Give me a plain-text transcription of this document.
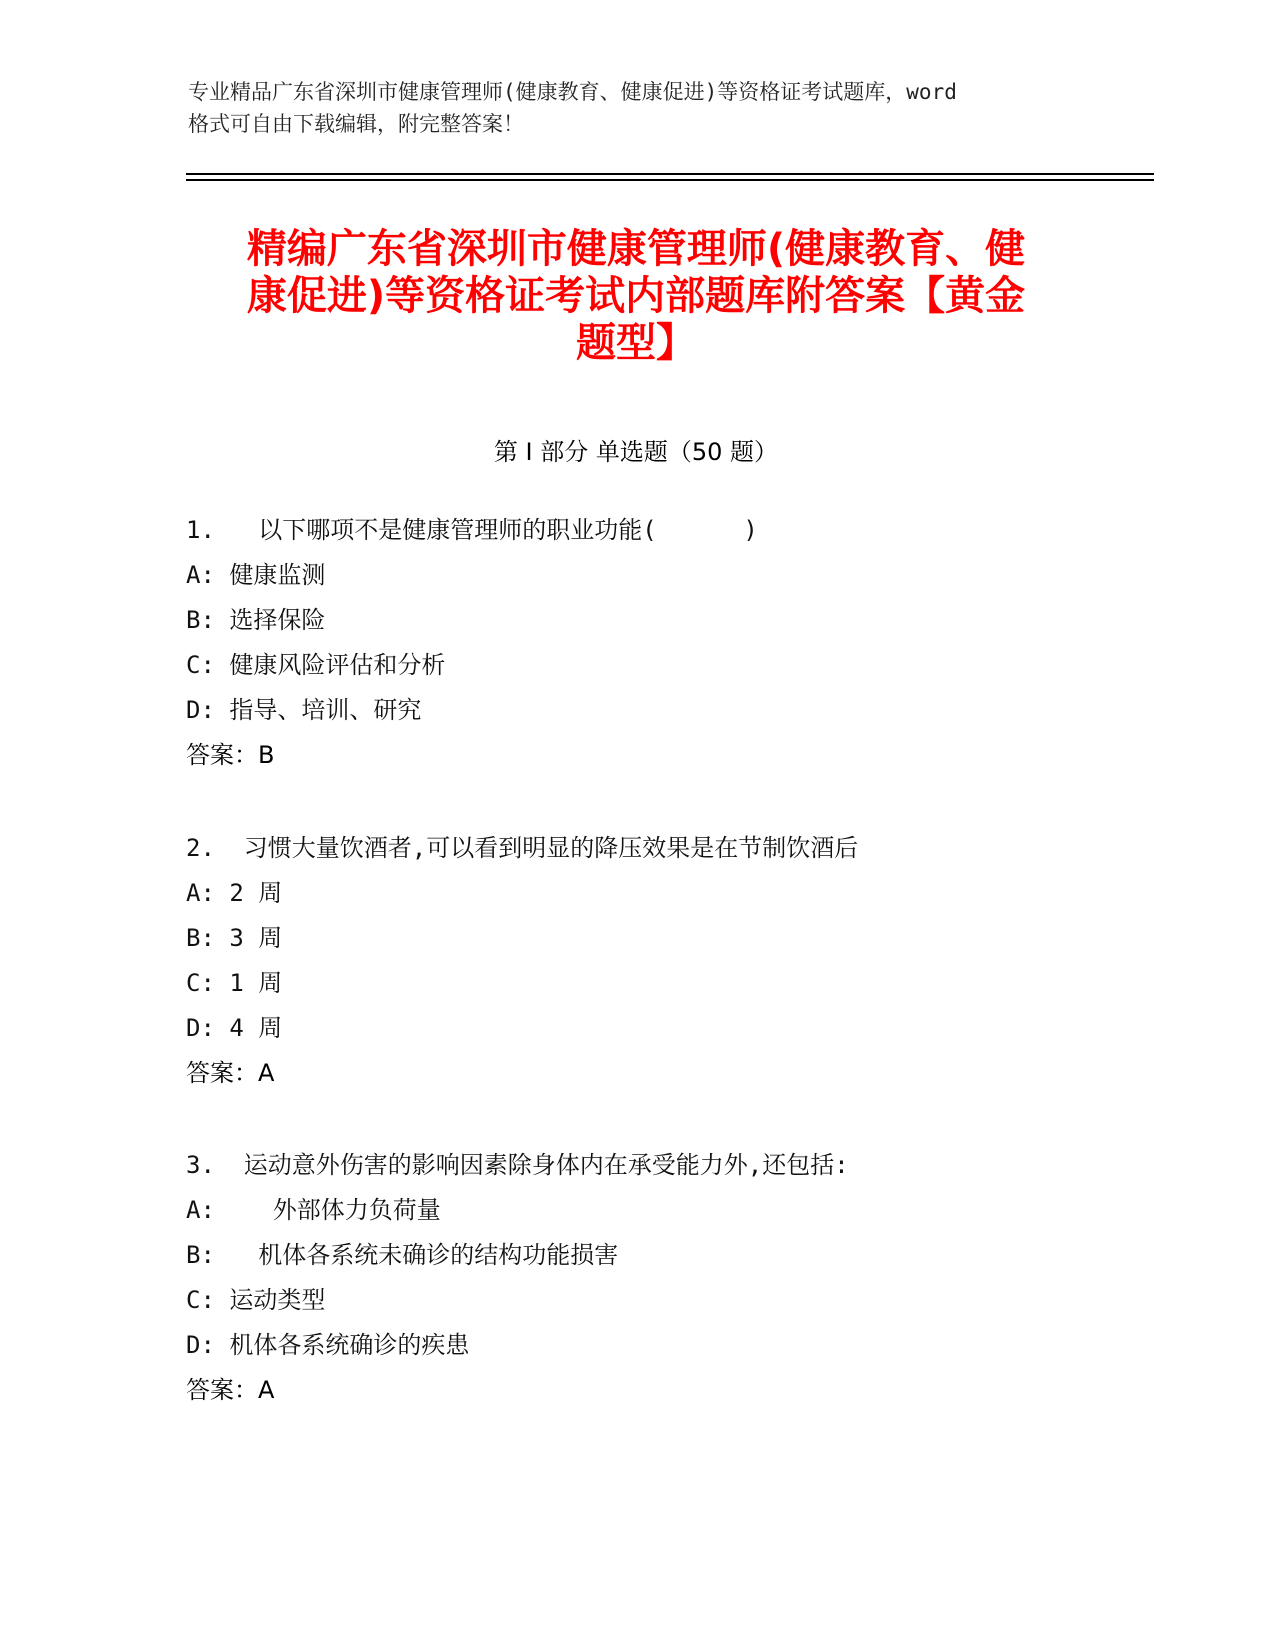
专业精品广东省深圳市健康管理师(健康教育、健康促进)等资格证考试题库，word
格式可自由下载编辑，附完整答案！
精编广东省深圳市健康管理师(健康教育、健
康促进)等资格证考试内部题库附答案【黄金
题型】
第 I 部分 单选题（50 题）
1.   以下哪项不是健康管理师的职业功能(      )
A: 健康监测
B: 选择保险
C: 健康风险评估和分析
D: 指导、培训、研究
答案：B
2.  习惯大量饮酒者,可以看到明显的降压效果是在节制饮酒后
A: 2 周
B: 3 周
C: 1 周
D: 4 周
答案：A
3.  运动意外伤害的影响因素除身体内在承受能力外,还包括:
A:    外部体力负荷量
B:   机体各系统未确诊的结构功能损害
C: 运动类型
D: 机体各系统确诊的疾患
答案：A
